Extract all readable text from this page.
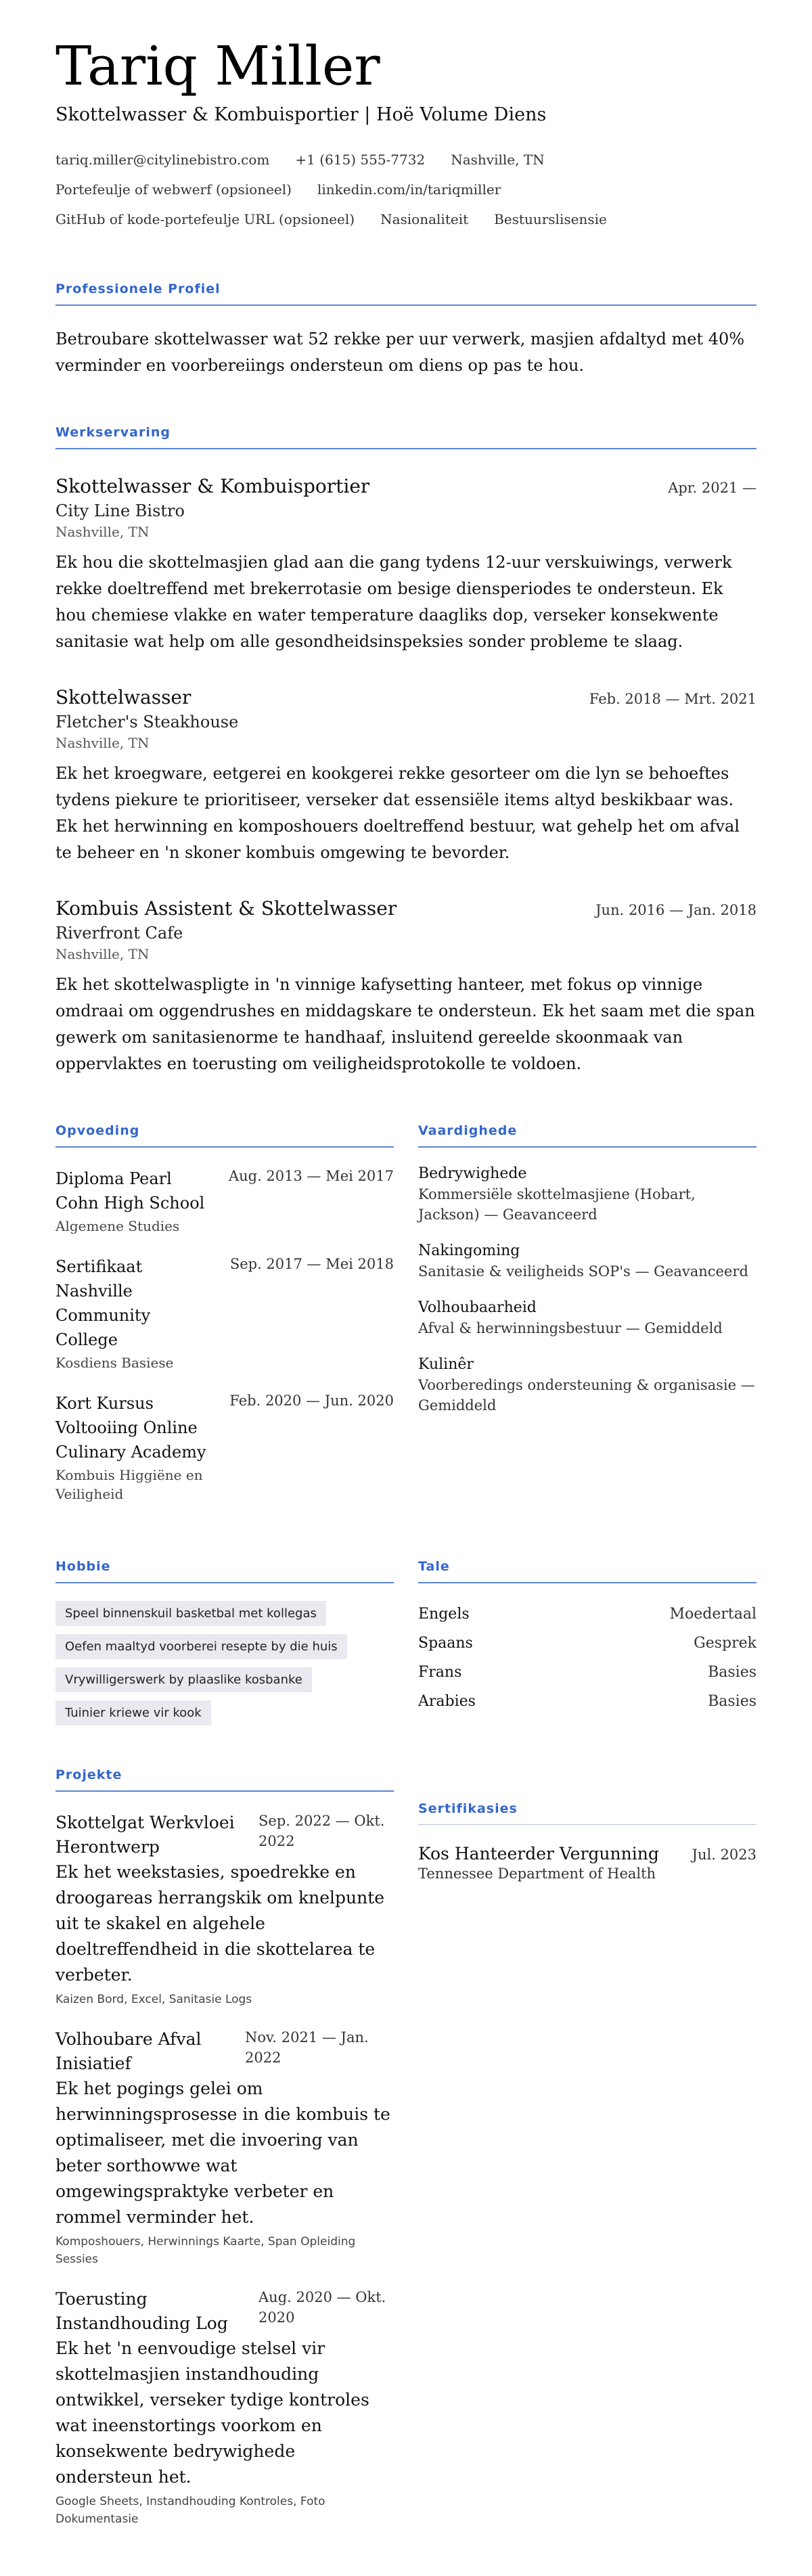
Tariq Miller
Skottelwasser & Kombuisportier | Hoë Volume Diens
tariq.miller@citylinebistro.com +1 (615) 555-7732 Nashville, TN
Portefeulje of webwerf (opsioneel) linkedin.com/in/tariqmiller
GitHub of kode-portefeulje URL (opsioneel) Nasionaliteit Bestuurslisensie
Professionele Profiel

Betroubare skottelwasser wat 52 rekke per uur verwerk, masjien afdaltyd met 40% verminder en voorbereiings ondersteun om diens op pas te hou.

Werkservaring
Skottelwasser & Kombuisportier	Apr. 2021 —
City Line Bistro
Nashville, TN
Ek hou die skottelmasjien glad aan die gang tydens 12-uur verskuiwings, verwerk rekke doeltreffend met brekerrotasie om besige diensperiodes te ondersteun. Ek hou chemiese vlakke en water temperature daagliks dop, verseker konsekwente sanitasie wat help om alle gesondheidsinspeksies sonder probleme te slaag.
Skottelwasser	Feb. 2018 — Mrt. 2021
Fletcher's Steakhouse
Nashville, TN
Ek het kroegware, eetgerei en kookgerei rekke gesorteer om die lyn se behoeftes tydens piekure te prioritiseer, verseker dat essensiële items altyd beskikbaar was. Ek het herwinning en komposhouers doeltreffend bestuur, wat gehelp het om afval te beheer en 'n skoner kombuis omgewing te bevorder.
Kombuis Assistent & Skottelwasser	Jun. 2016 — Jan. 2018
Riverfront Cafe
Nashville, TN
Ek het skottelwaspligte in 'n vinnige kafysetting hanteer, met fokus op vinnige omdraai om oggendrushes en middagskare te ondersteun. Ek het saam met die span gewerk om sanitasienorme te handhaaf, insluitend gereelde skoonmaak van oppervlaktes en toerusting om veiligheidsprotokolle te voldoen.
Opvoeding
Diploma Pearl Cohn High School
Aug. 2013 — Mei 2017
Algemene Studies
Sertifikaat Nashville Community College
Sep. 2017 — Mei 2018
Kosdiens Basiese
Kort Kursus Voltooiing Online Culinary Academy
Feb. 2020 — Jun. 2020
Kombuis Higgiëne en Veiligheid
Vaardighede
Bedrywighede
Kommersiële skottelmasjiene (Hobart, Jackson) — Geavanceerd
Nakingoming
Sanitasie & veiligheids SOP's — Geavanceerd
Volhoubaarheid
Afval & herwinningsbestuur — Gemiddeld
Kulinêr
Voorberedings ondersteuning & organisasie — Gemiddeld
Hobbie
Speel binnenskuil basketbal met kollegas
Oefen maaltyd voorbereі resepte by die huis
Vrywilligerswerk by plaaslike kosbanke
Tuinier kriewe vir kook
Tale
Engels	Moedertaal
Spaans	Gesprek
Frans	Basies
Arabies	Basies
Projekte
Skottelgat Werkvloei Herontwerp
Sep. 2022 — Okt. 2022
Ek het weekstasies, spoedrekke en droogareas herrangskik om knelpunte uit te skakel en algehele doeltreffendheid in die skottelarea te verbeter.
Kaizen Bord, Excel, Sanitasie Logs
Volhoubare Afval Inisiatief
Nov. 2021 — Jan. 2022
Ek het pogings gelei om herwinningsprosesse in die kombuis te optimaliseer, met die invoering van beter sorthowwe wat omgewingspraktyke verbeter en rommel verminder het.
Komposhouers, Herwinnings Kaarte, Span Opleiding Sessies
Toerusting Instandhouding Log
Aug. 2020 — Okt. 2020
Ek het 'n eenvoudige stelsel vir skottelmasjien instandhouding ontwikkel, verseker tydige kontroles wat ineenstortings voorkom en konsekwente bedrywighede ondersteun het.
Google Sheets, Instandhouding Kontroles, Foto Dokumentasie
Sertifikasies
Kos Hanteerder Vergunning Jul. 2023
Tennessee Department of Health
